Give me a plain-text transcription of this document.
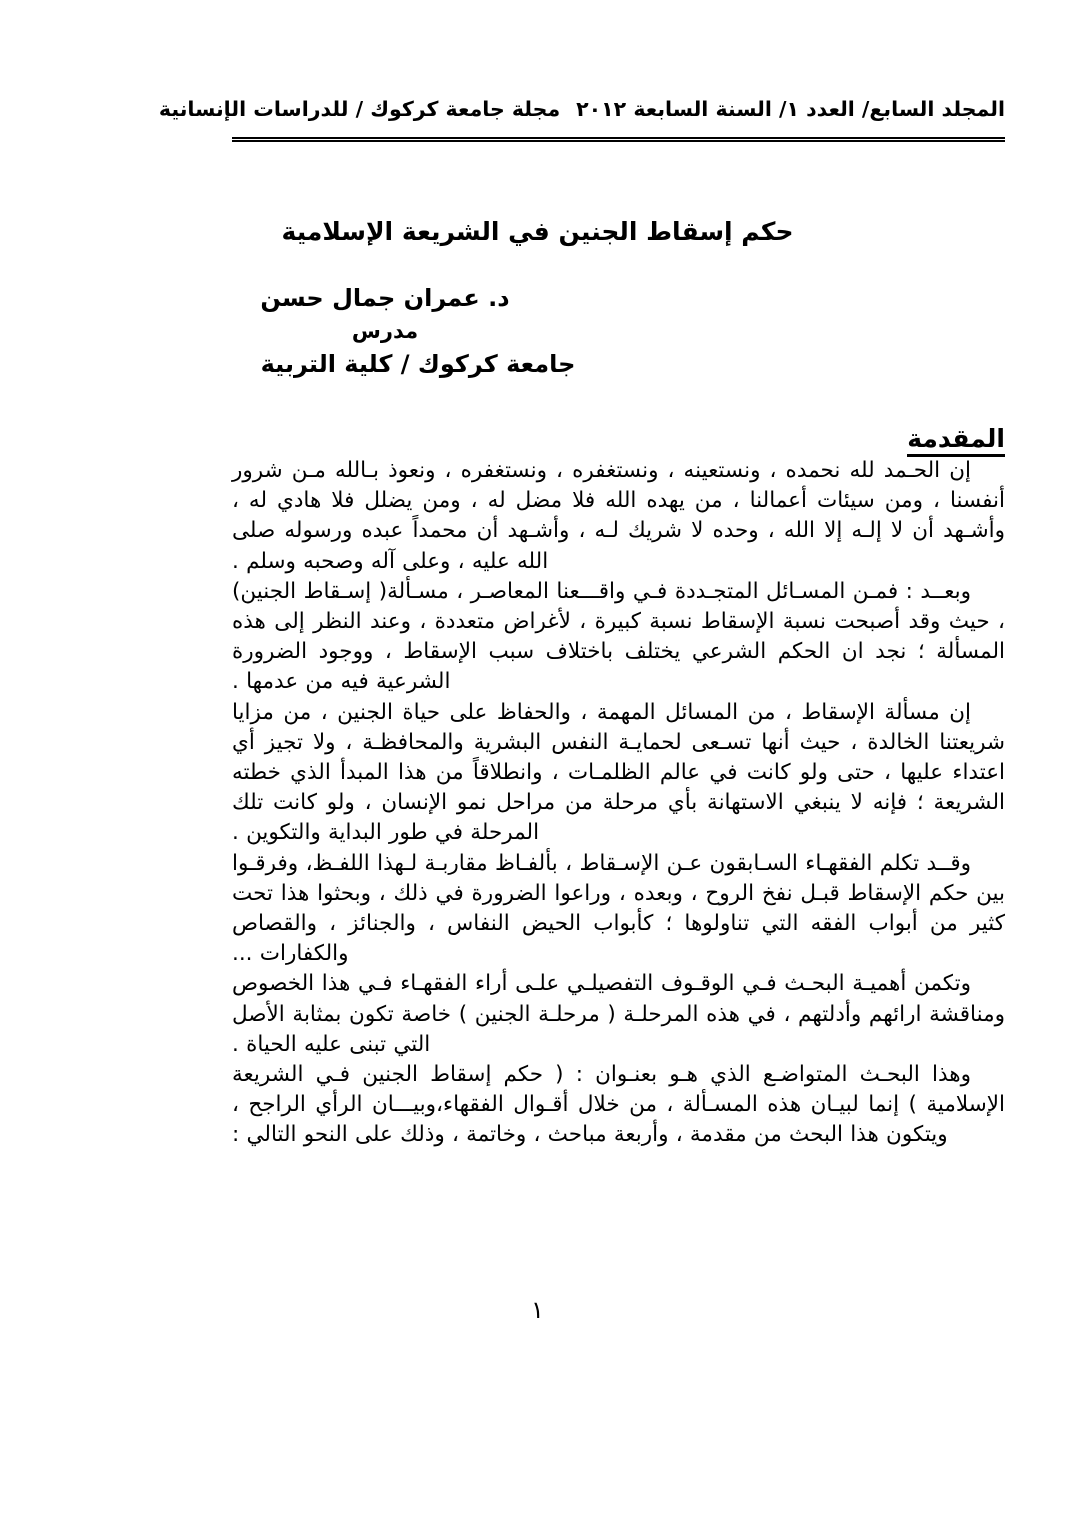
المجلد السابع/ العدد ١/ السنة السابعة ٢٠١٢مجلة جامعة كركوك / للدراسات الإنسانية
حكم إسقاط الجنين في الشريعة الإسلامية
د. عمران جمال حسن
مدرس
جامعة كركوك / كلية التربية
المقدمة

إن الحـمد لله نحمده ، ونستعينه ، ونستغفره ، ونستغفره ، ونعوذ بـالله مـن شرور أنفسنا ، ومن سيئات أعمالنا ، من يهده الله فلا مضل له ، ومن يضلل فلا هادي له ، وأشـهد أن لا إلـه إلا الله ، وحده لا شريك لـه ، وأشـهد أن محمداً عبده ورسوله صلى الله عليه ، وعلى آله وصحبه وسلم .

وبعــد : فمـن المسـائل المتجـددة فـي واقـــعنا المعاصـر ، مسـألة( إسـقاط الجنين) ، حيث وقد أصبحت نسبة الإسقاط نسبة كبيرة ، لأغراض متعددة ، وعند النظر إلى هذه المسألة ؛ نجد ان الحكم الشرعي يختلف باختلاف سبب الإسقاط ، ووجود الضرورة الشرعية فيه من عدمها .

إن مسألة الإسقاط ، من المسائل المهمة ، والحفاظ على حياة الجنين ، من مزايا شريعتنا الخالدة ، حيث أنها تسـعى لحمايـة النفس البشرية والمحافظـة ، ولا تجيز أي اعتداء عليها ، حتى ولو كانت في عالم الظلمـات ، وانطلاقاً من هذا المبدأ الذي خطته الشريعة ؛ فإنه لا ينبغي الاستهانة بأي مرحلة من مراحل نمو الإنسان ، ولو كانت تلك المرحلة في طور البداية والتكوين .

وقــد تكلم الفقهـاء السـابقون عـن الإسـقاط ، بألفـاظ مقاربـة لـهذا اللفـظ، وفرقـوا بين حكم الإسقاط قبـل نفخ الروح ، وبعده ، وراعوا الضرورة في ذلك ، وبحثوا هذا تحت كثير من أبواب الفقه التي تناولوها ؛ كأبواب الحيض النفاس ، والجنائز ، والقصاص والكفارات ...

وتكمن أهميـة البحـث فـي الوقـوف التفصيلـي علـى أراء الفقهـاء فـي هذا الخصوص ومناقشة ارائهم وأدلتهم ، في هذه المرحلـة ( مرحلـة الجنين ) خاصة تكون بمثابة الأصل التي تبنى عليه الحياة .

وهذا البحـث المتواضـع الذي هـو بعنـوان : ( حكم إسقاط الجنين فـي الشريعة الإسلامية ) إنما لبيـان هذه المسـألة ، من خلال أقـوال الفقهاء،وبيـــان الرأي الراجح ، ويتكون هذا البحث من مقدمة ، وأربعة مباحث ، وخاتمة ، وذلك على النحو التالي :

١
